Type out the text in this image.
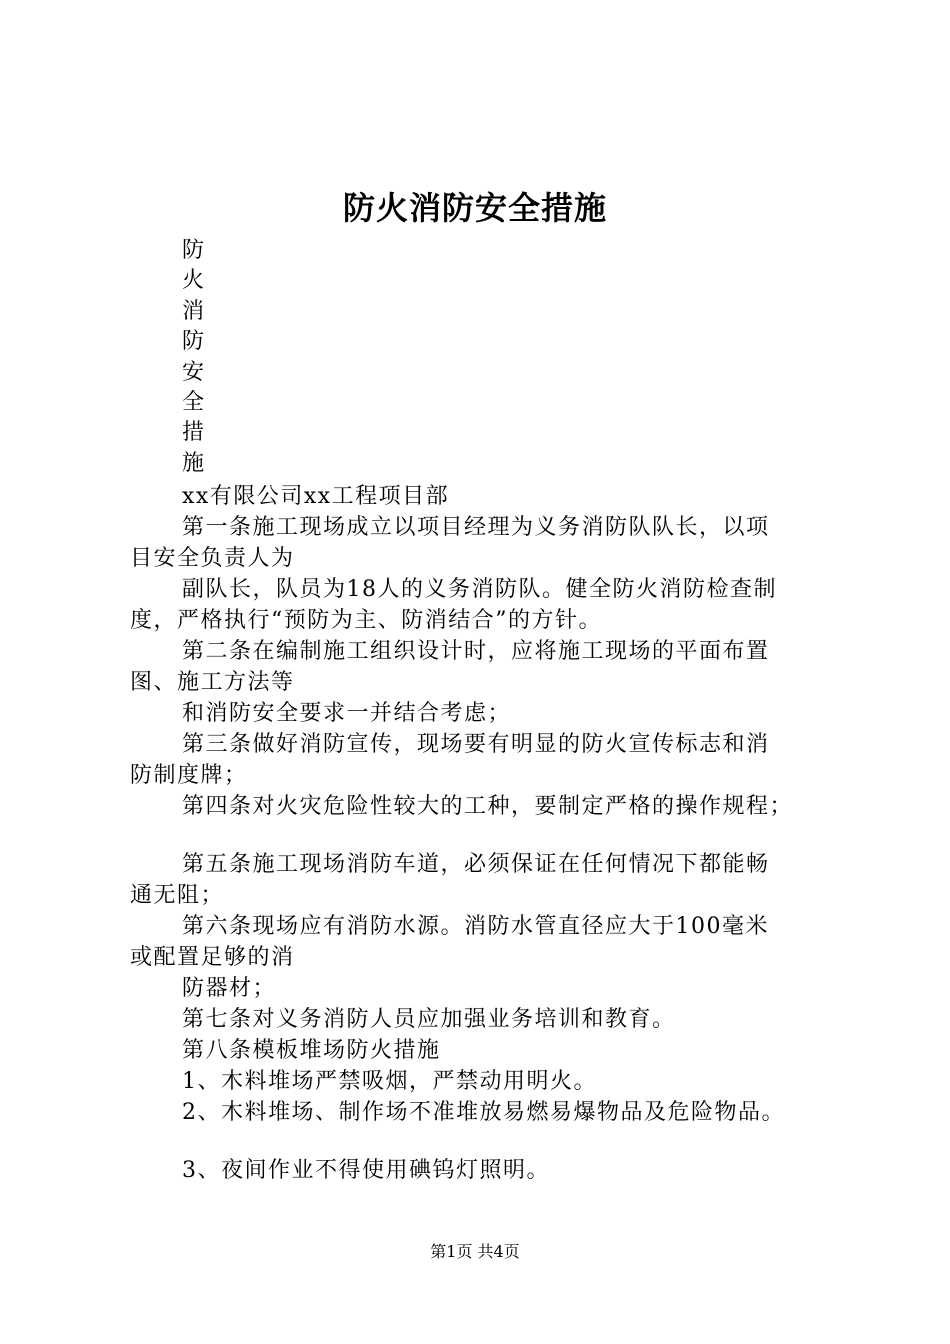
防火消防安全措施
防
火
消
防
安
全
措
施
xx有限公司xx工程项目部
第一条施工现场成立以项目经理为义务消防队队长，以项
目安全负责人为
副队长，队员为18人的义务消防队。健全防火消防检查制
度，严格执行“预防为主、防消结合”的方针。
第二条在编制施工组织设计时，应将施工现场的平面布置
图、施工方法等
和消防安全要求一并结合考虑；
第三条做好消防宣传，现场要有明显的防火宣传标志和消
防制度牌；
第四条对火灾危险性较大的工种，要制定严格的操作规程；
第五条施工现场消防车道，必须保证在任何情况下都能畅
通无阻；
第六条现场应有消防水源。消防水管直径应大于100毫米
或配置足够的消
防器材；
第七条对义务消防人员应加强业务培训和教育。
第八条模板堆场防火措施
1、木料堆场严禁吸烟，严禁动用明火。
2、木料堆场、制作场不准堆放易燃易爆物品及危险物品。
3、夜间作业不得使用碘钨灯照明。
第1页 共4页
